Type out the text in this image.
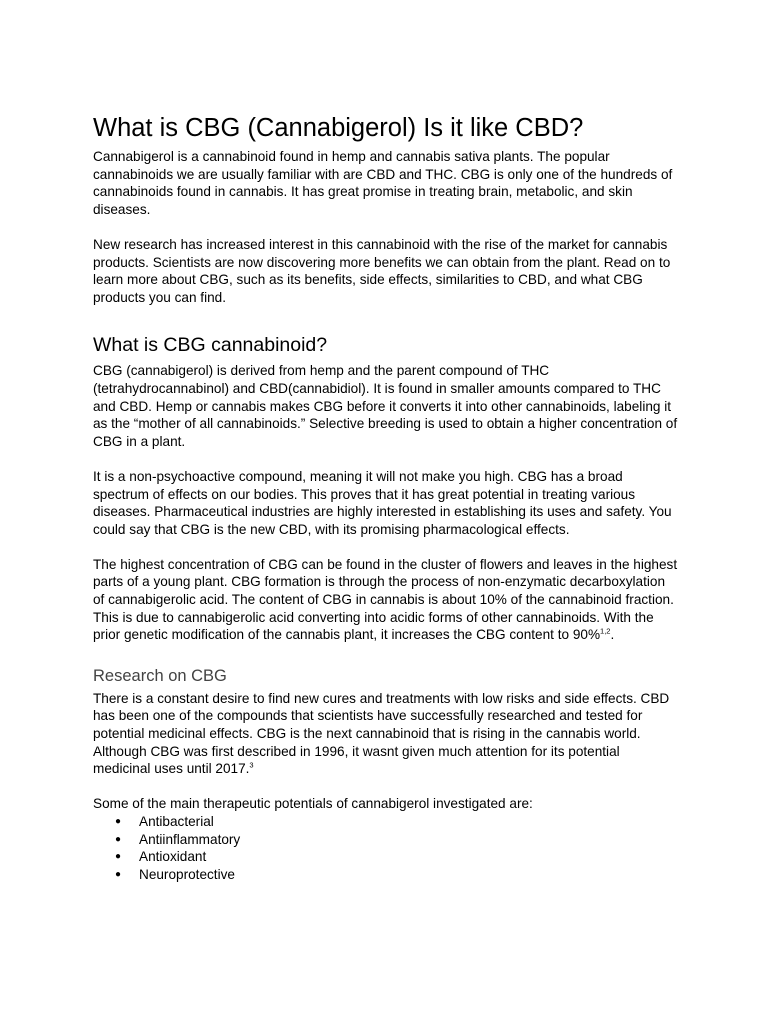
What is CBG (Cannabigerol) Is it like CBD?

Cannabigerol is a cannabinoid found in hemp and cannabis sativa plants. The popular cannabinoids we are usually familiar with are CBD and THC. CBG is only one of the hundreds of cannabinoids found in cannabis. It has great promise in treating brain, metabolic, and skin diseases.

New research has increased interest in this cannabinoid with the rise of the market for cannabis products. Scientists are now discovering more benefits we can obtain from the plant. Read on to learn more about CBG, such as its benefits, side effects, similarities to CBD, and what CBG products you can find.

What is CBG cannabinoid?

CBG (cannabigerol) is derived from hemp and the parent compound of THC (tetrahydrocannabinol) and CBD(cannabidiol). It is found in smaller amounts compared to THC and CBD. Hemp or cannabis makes CBG before it converts it into other cannabinoids, labeling it as the “mother of all cannabinoids.” Selective breeding is used to obtain a higher concentration of CBG in a plant.

It is a non-psychoactive compound, meaning it will not make you high. CBG has a broad spectrum of effects on our bodies. This proves that it has great potential in treating various diseases. Pharmaceutical industries are highly interested in establishing its uses and safety. You could say that CBG is the new CBD, with its promising pharmacological effects.

The highest concentration of CBG can be found in the cluster of flowers and leaves in the highest parts of a young plant. CBG formation is through the process of non-enzymatic decarboxylation of cannabigerolic acid. The content of CBG in cannabis is about 10% of the cannabinoid fraction. This is due to cannabigerolic acid converting into acidic forms of other cannabinoids. With the prior genetic modification of the cannabis plant, it increases the CBG content to 90%$^{1,2}$.

Research on CBG

There is a constant desire to find new cures and treatments with low risks and side effects. CBD has been one of the compounds that scientists have successfully researched and tested for potential medicinal effects. CBG is the next cannabinoid that is rising in the cannabis world. Although CBG was first described in 1996, it wasnt given much attention for its potential medicinal uses until 2017.$^3$

Some of the main therapeutic potentials of cannabigerol investigated are:

● Antibacterial
● Antiinflammatory
● Antioxidant
● Neuroprotective
